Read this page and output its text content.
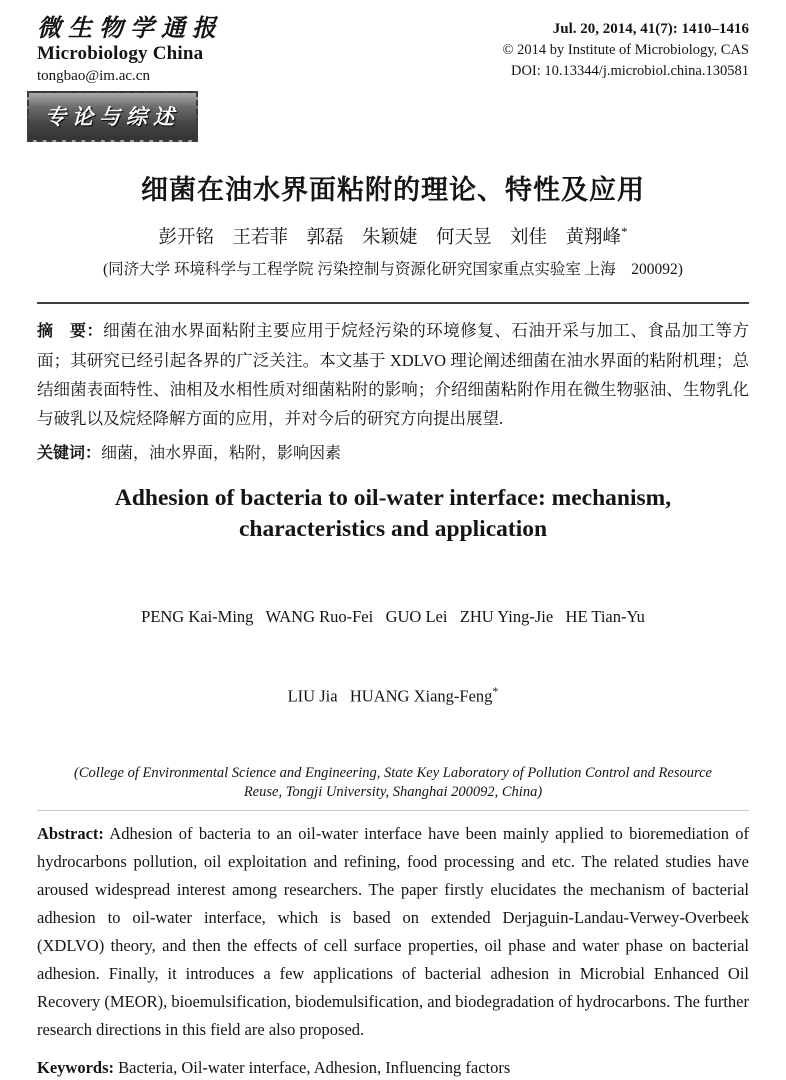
微生物学通报
Microbiology China
tongbao@im.ac.cn
Jul. 20, 2014, 41(7): 1410–1416
© 2014 by Institute of Microbiology, CAS
DOI: 10.13344/j.microbiol.china.130581
专论与综述
细菌在油水界面粘附的理论、特性及应用
彭开铭　王若菲　郭磊　朱颖婕　何天昱　刘佳　黄翔峰*
(同济大学 环境科学与工程学院 污染控制与资源化研究国家重点实验室 上海　200092)
摘　要：细菌在油水界面粘附主要应用于烷烃污染的环境修复、石油开采与加工、食品加工等方面；其研究已经引起各界的广泛关注。本文基于 XDLVO 理论阐述细菌在油水界面的粘附机理；总结细菌表面特性、油相及水相性质对细菌粘附的影响；介绍细菌粘附作用在微生物驱油、生物乳化与破乳以及烷烃降解方面的应用，并对今后的研究方向提出展望.
关键词：细菌，油水界面，粘附，影响因素
Adhesion of bacteria to oil-water interface: mechanism,
characteristics and application

PENG Kai-Ming   WANG Ruo-Fei   GUO Lei   ZHU Ying-Jie   HE Tian-Yu

LIU Jia   HUANG Xiang-Feng*

(College of Environmental Science and Engineering, State Key Laboratory of Pollution Control and Resource
Reuse, Tongji University, Shanghai 200092, China)
Abstract: Adhesion of bacteria to an oil-water interface have been mainly applied to bioremediation of hydrocarbons pollution, oil exploitation and refining, food processing and etc. The related studies have aroused widespread interest among researchers. The paper firstly elucidates the mechanism of bacterial adhesion to oil-water interface, which is based on extended Derjaguin-Landau-Verwey-Overbeek (XDLVO) theory, and then the effects of cell surface properties, oil phase and water phase on bacterial adhesion. Finally, it introduces a few applications of bacterial adhesion in Microbial Enhanced Oil Recovery (MEOR), bioemulsification, biodemulsification, and biodegradation of hydrocarbons. The further research directions in this field are also proposed.
Keywords: Bacteria, Oil-water interface, Adhesion, Influencing factors
